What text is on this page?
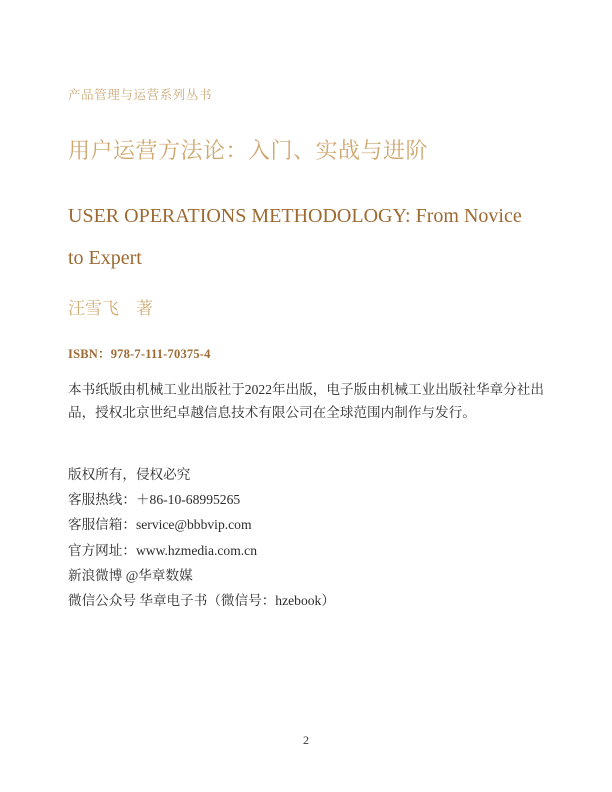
产品管理与运营系列丛书
用户运营方法论：入门、实战与进阶
USER OPERATIONS METHODOLOGY: From Novice to Expert
汪雪飞 著
ISBN：978-7-111-70375-4
本书纸版由机械工业出版社于2022年出版，电子版由机械工业出版社华章分社出品，授权北京世纪卓越信息技术有限公司在全球范围内制作与发行。
版权所有，侵权必究
客服热线：＋86-10-68995265
客服信箱：service@bbbvip.com
官方网址：www.hzmedia.com.cn
新浪微博 @华章数媒
微信公众号 华章电子书（微信号：hzebook）
2
